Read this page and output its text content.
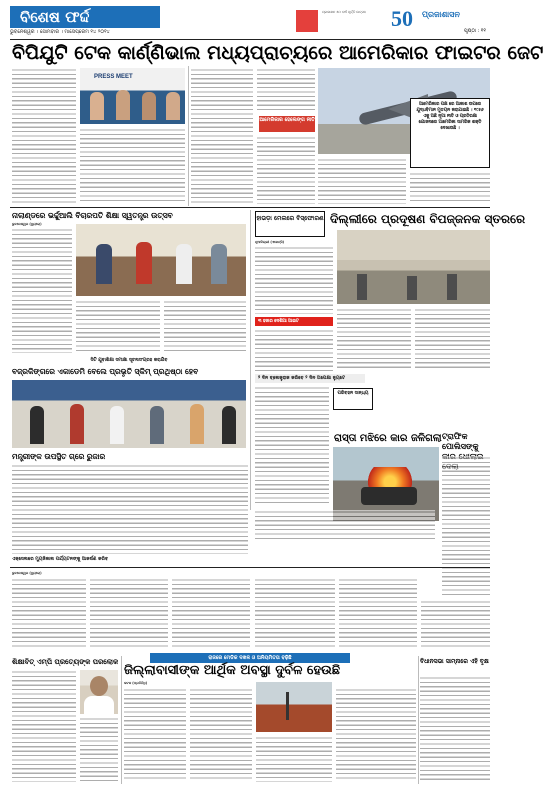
ବିଶେଷ ଫର୍ଦ୍ଦ
ଭୁବନେଶ୍ୱର । ସୋମବାର । ମାସେପ୍ରେମ ୧୪ ୨୦୧୪
ପ୍ରକାଶନ ୫୦ ବର୍ଷ ପୂର୍ତ୍ତି ଉତ୍ସବ	50 ପ୍ରଜାଶାସନ
ପୃଷ୍ଠା : ୧୧
ବିପିଯୁଟି ଟେକ କାର୍ଣ୍ଣିଭାଲ ମଧ୍ୟପ୍ରାଚ୍ୟରେ ଆମେରିକାର ଫାଇଟର ଜେଟ
PRESS MEET
ଆମେରିକାର ହେଲେଙ୍ଗ ନୀତି
ଆମେରିକାର ପକ୍ଷ ରେ ଆକାଶ ଉପରେ ଯୁଦ୍ଧବିମାନ ମୁତୟନ କରାଯାଇଛି । ୧୯୫୬ ଏକୁ ଅଛି ନୂଆ ନୀତି ଓ ପ୍ରତିରକ୍ଷା ଯୋଜନାରେ ଆମେରିକା ସାମରିକ ଶକ୍ତି ଦେଖାଉଛି ।
ନାଲାଣ୍ଡରେ ଭର୍ଚ୍ଚୁଆଲି ବିଚାରପତି ଶିକ୍ଷା ସ୍ୱତନ୍ତ୍ର ଉତ୍ସବ
ଭୁବନେଶ୍ୱର (ବ୍ୟୁରୋ)
ସିଟି ଯୁବାଶିକ୍ଷା ସମୀକ୍ଷା ସୂଚନାସଂଗ୍ରହ କରାଯିବ
ବଜ୍ରକିଙ୍ଗରେ ଏକାଡେମି ବେଲେ ପ୍ରଭୃତି ସ୍କିମ୍ ପ୍ରଥିଷ୍ଠା ହେବ
ହାଭଡ଼ା ମେଲରେ ବିସ୍ଫୋରଣ ଦିଲ୍ଲୀରେ ପ୍ରଦୂଷଣ ବିପଜ୍ଜନକ ସ୍ତରରେ
ନୂଆଦିଲ୍ଲୀ (ଏଜେନ୍ସି)
୩ ହଜାର ଦେଶିଆ ଆଇଟ
୨ ଦିନ ବ୍ଲେକ୍ଟ୍ରାକ କରିବେ ୨ ଦିନ ଅପେକ୍ଷା ନ୍ୟୁଟେ
ପରିବହନ ସାନ୍ଧ୍ୟ
ରାସ୍ତା ମଝିରେ କାର ଜଳିଗଲା ଟ୍ରାଫିକ ପୋଲିସଙ୍କୁ
ମନ୍ତ୍ରୀଙ୍କ ଉପସ୍ଥିତ ଗ୍ରେ ରୁଜାର
ଏକ୍ସେଲରେ ମ୍ୟୁଜିକାଲ ପର୍ଯ୍ୟଟନଙ୍କୁ ଆକର୍ଷଣ କରିବ
ଭୁବନେଶ୍ୱର (ବ୍ୟୁରୋ)
ରାଜରେ ମେଡିକ ଦଖଳ ଓ ଅନିୟମିତତା ବଢ଼ିଛି
ଶିକ୍ଷାବିତ୍ ଏମ୍‌ପି ପ୍ରତ୍ୟେଙ୍କ ପରଲୋକ
ଜିଲ୍ଲାବାସୀଙ୍କ ଆର୍ଥିକ ଅବସ୍ଥା ଦୁର୍ବଳ ହେଉଛି
କଟକ (ପ୍ରତିନିଧି)
ବିଧାନସଭା ସାମ୍ନାରେ ଏହି ବୃକ୍ଷ
